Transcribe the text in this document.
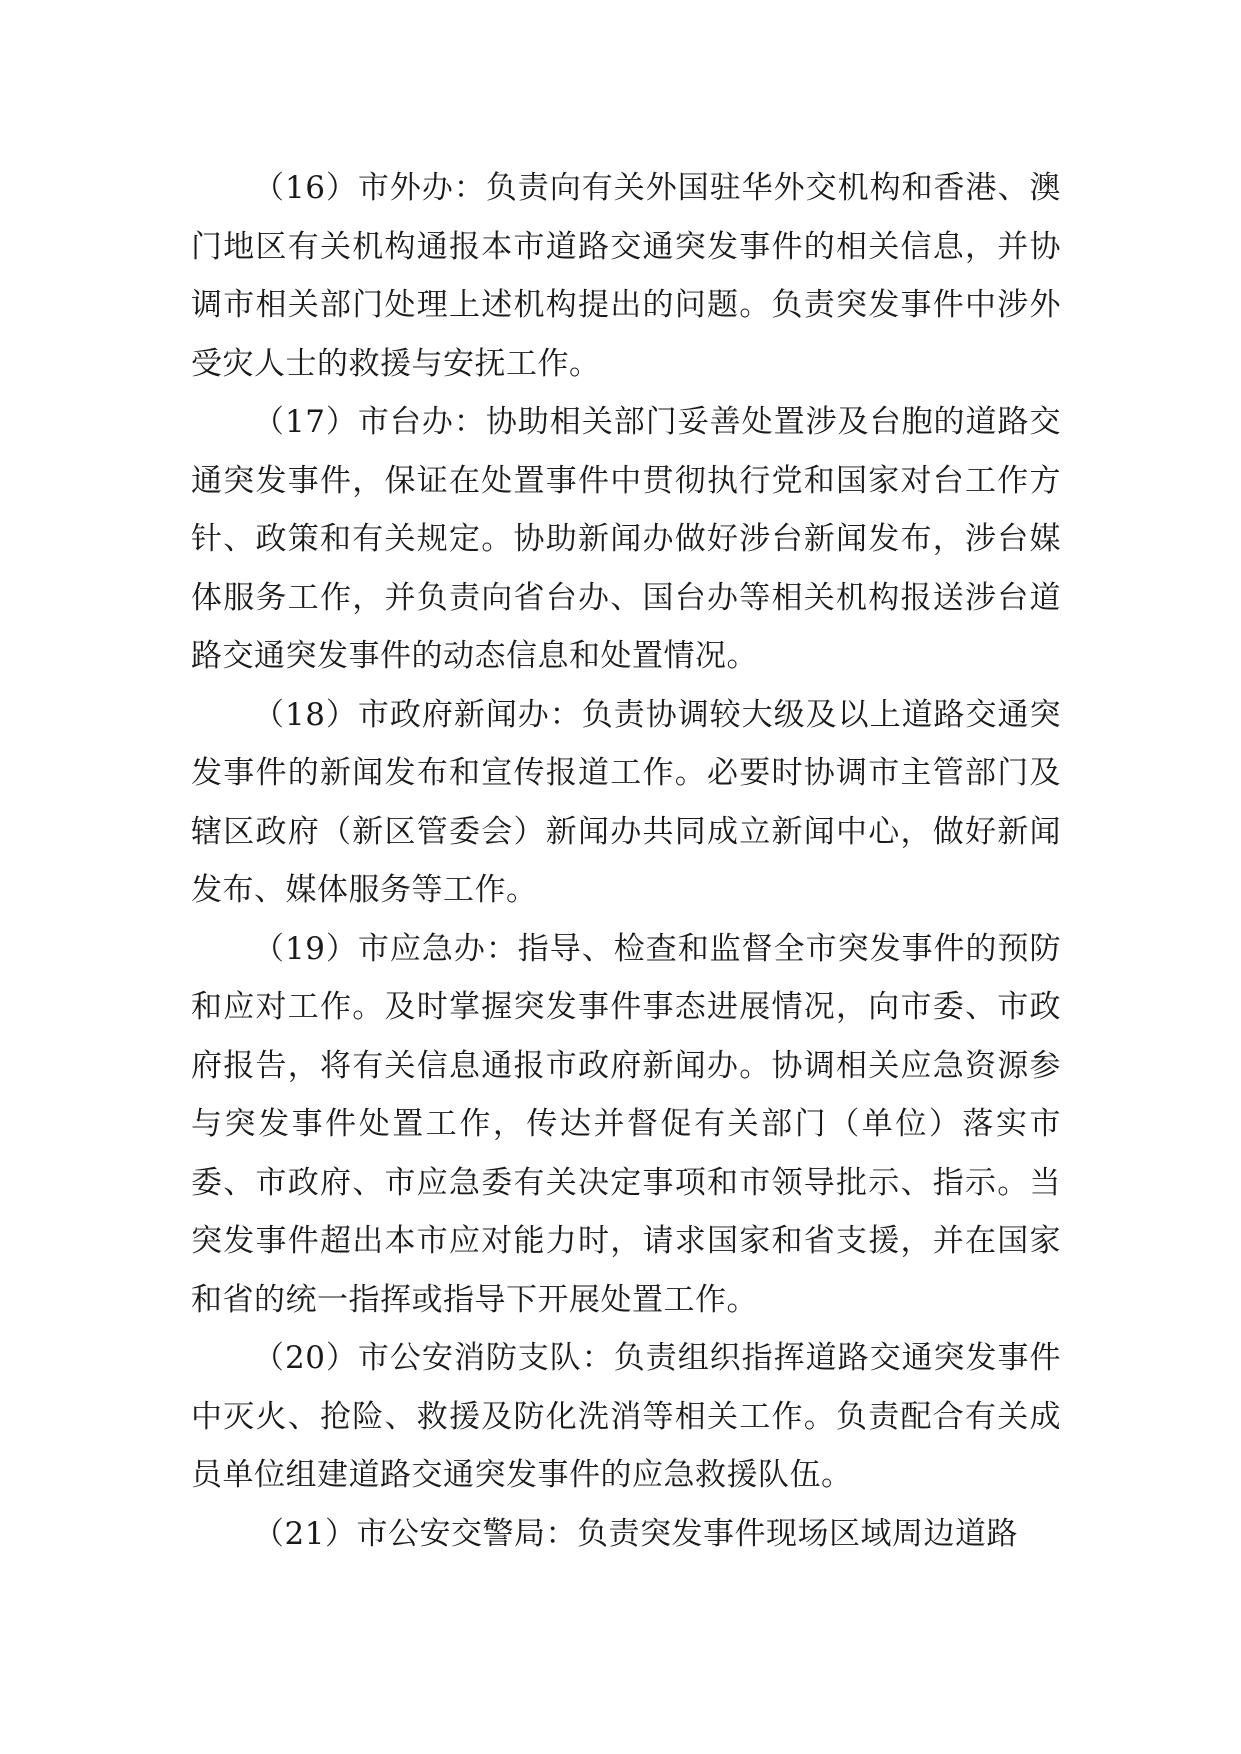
（16）市外办：负责向有关外国驻华外交机构和香港、澳门地区有关机构通报本市道路交通突发事件的相关信息，并协调市相关部门处理上述机构提出的问题。负责突发事件中涉外受灾人士的救援与安抚工作。

（17）市台办：协助相关部门妥善处置涉及台胞的道路交通突发事件，保证在处置事件中贯彻执行党和国家对台工作方针、政策和有关规定。协助新闻办做好涉台新闻发布，涉台媒体服务工作，并负责向省台办、国台办等相关机构报送涉台道路交通突发事件的动态信息和处置情况。

（18）市政府新闻办：负责协调较大级及以上道路交通突发事件的新闻发布和宣传报道工作。必要时协调市主管部门及辖区政府（新区管委会）新闻办共同成立新闻中心，做好新闻发布、媒体服务等工作。

（19）市应急办：指导、检查和监督全市突发事件的预防和应对工作。及时掌握突发事件事态进展情况，向市委、市政府报告，将有关信息通报市政府新闻办。协调相关应急资源参与突发事件处置工作，传达并督促有关部门（单位）落实市委、市政府、市应急委有关决定事项和市领导批示、指示。当突发事件超出本市应对能力时，请求国家和省支援，并在国家和省的统一指挥或指导下开展处置工作。

（20）市公安消防支队：负责组织指挥道路交通突发事件中灭火、抢险、救援及防化洗消等相关工作。负责配合有关成员单位组建道路交通突发事件的应急救援队伍。

（21）市公安交警局：负责突发事件现场区域周边道路
